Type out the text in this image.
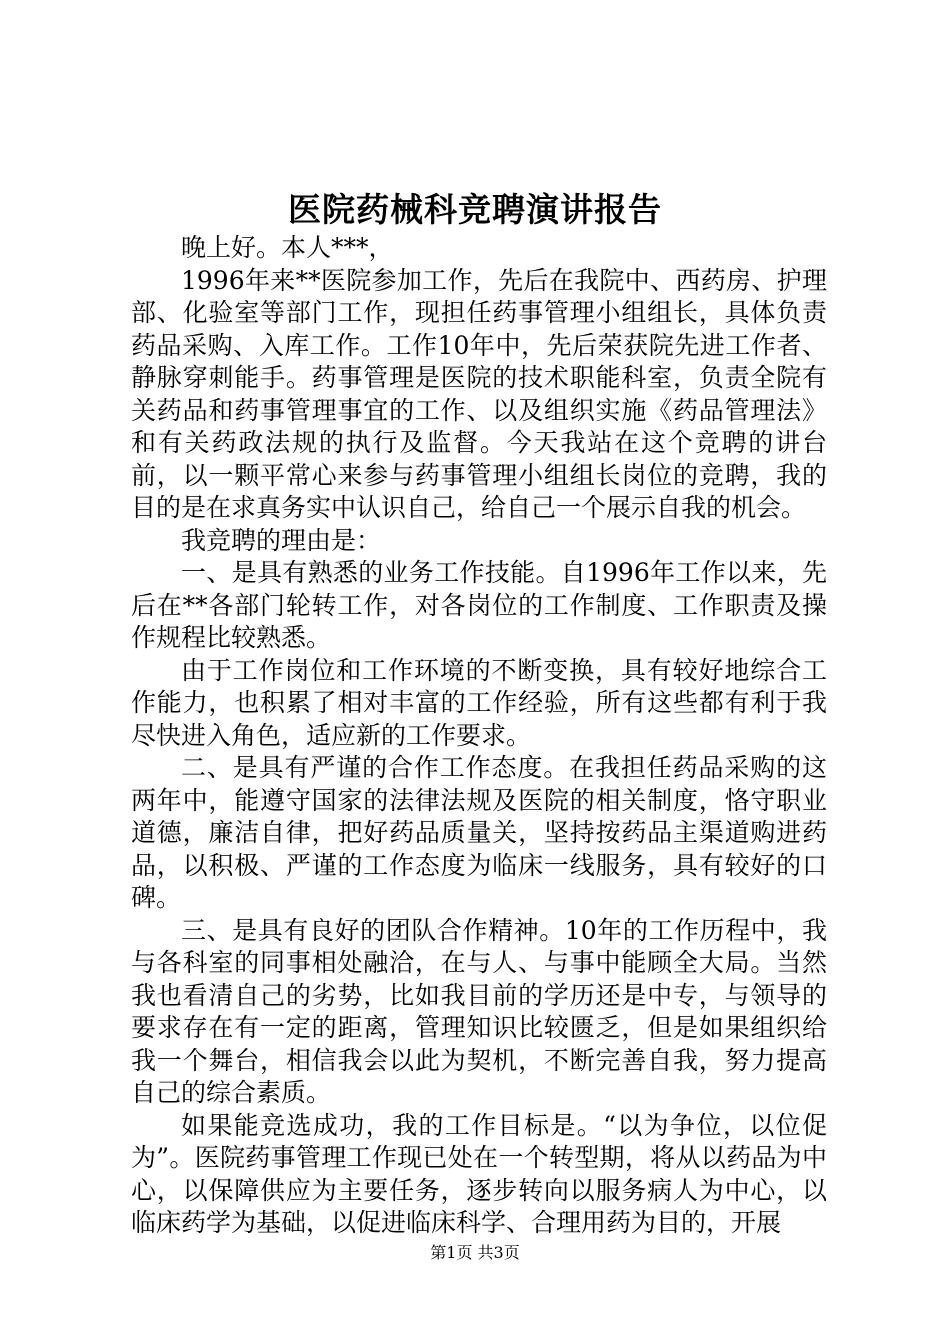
医院药械科竞聘演讲报告

晚上好。本人***，

1996年来**医院参加工作，先后在我院中、西药房、护理部、化验室等部门工作，现担任药事管理小组组长，具体负责药品采购、入库工作。工作10年中，先后荣获院先进工作者、静脉穿刺能手。药事管理是医院的技术职能科室，负责全院有关药品和药事管理事宜的工作、以及组织实施《药品管理法》和有关药政法规的执行及监督。今天我站在这个竞聘的讲台前，以一颗平常心来参与药事管理小组组长岗位的竞聘，我的目的是在求真务实中认识自己，给自己一个展示自我的机会。

我竞聘的理由是：

一、是具有熟悉的业务工作技能。自1996年工作以来，先后在**各部门轮转工作，对各岗位的工作制度、工作职责及操作规程比较熟悉。

由于工作岗位和工作环境的不断变换，具有较好地综合工作能力，也积累了相对丰富的工作经验，所有这些都有利于我尽快进入角色，适应新的工作要求。

二、是具有严谨的合作工作态度。在我担任药品采购的这两年中，能遵守国家的法律法规及医院的相关制度，恪守职业道德，廉洁自律，把好药品质量关，坚持按药品主渠道购进药品，以积极、严谨的工作态度为临床一线服务，具有较好的口碑。

三、是具有良好的团队合作精神。10年的工作历程中，我与各科室的同事相处融洽，在与人、与事中能顾全大局。当然我也看清自己的劣势，比如我目前的学历还是中专，与领导的要求存在有一定的距离，管理知识比较匮乏，但是如果组织给我一个舞台，相信我会以此为契机，不断完善自我，努力提高自己的综合素质。

如果能竞选成功，我的工作目标是。“以为争位，以位促为”。医院药事管理工作现已处在一个转型期，将从以药品为中心，以保障供应为主要任务，逐步转向以服务病人为中心，以临床药学为基础，以促进临床科学、合理用药为目的，开展

第1页 共3页
